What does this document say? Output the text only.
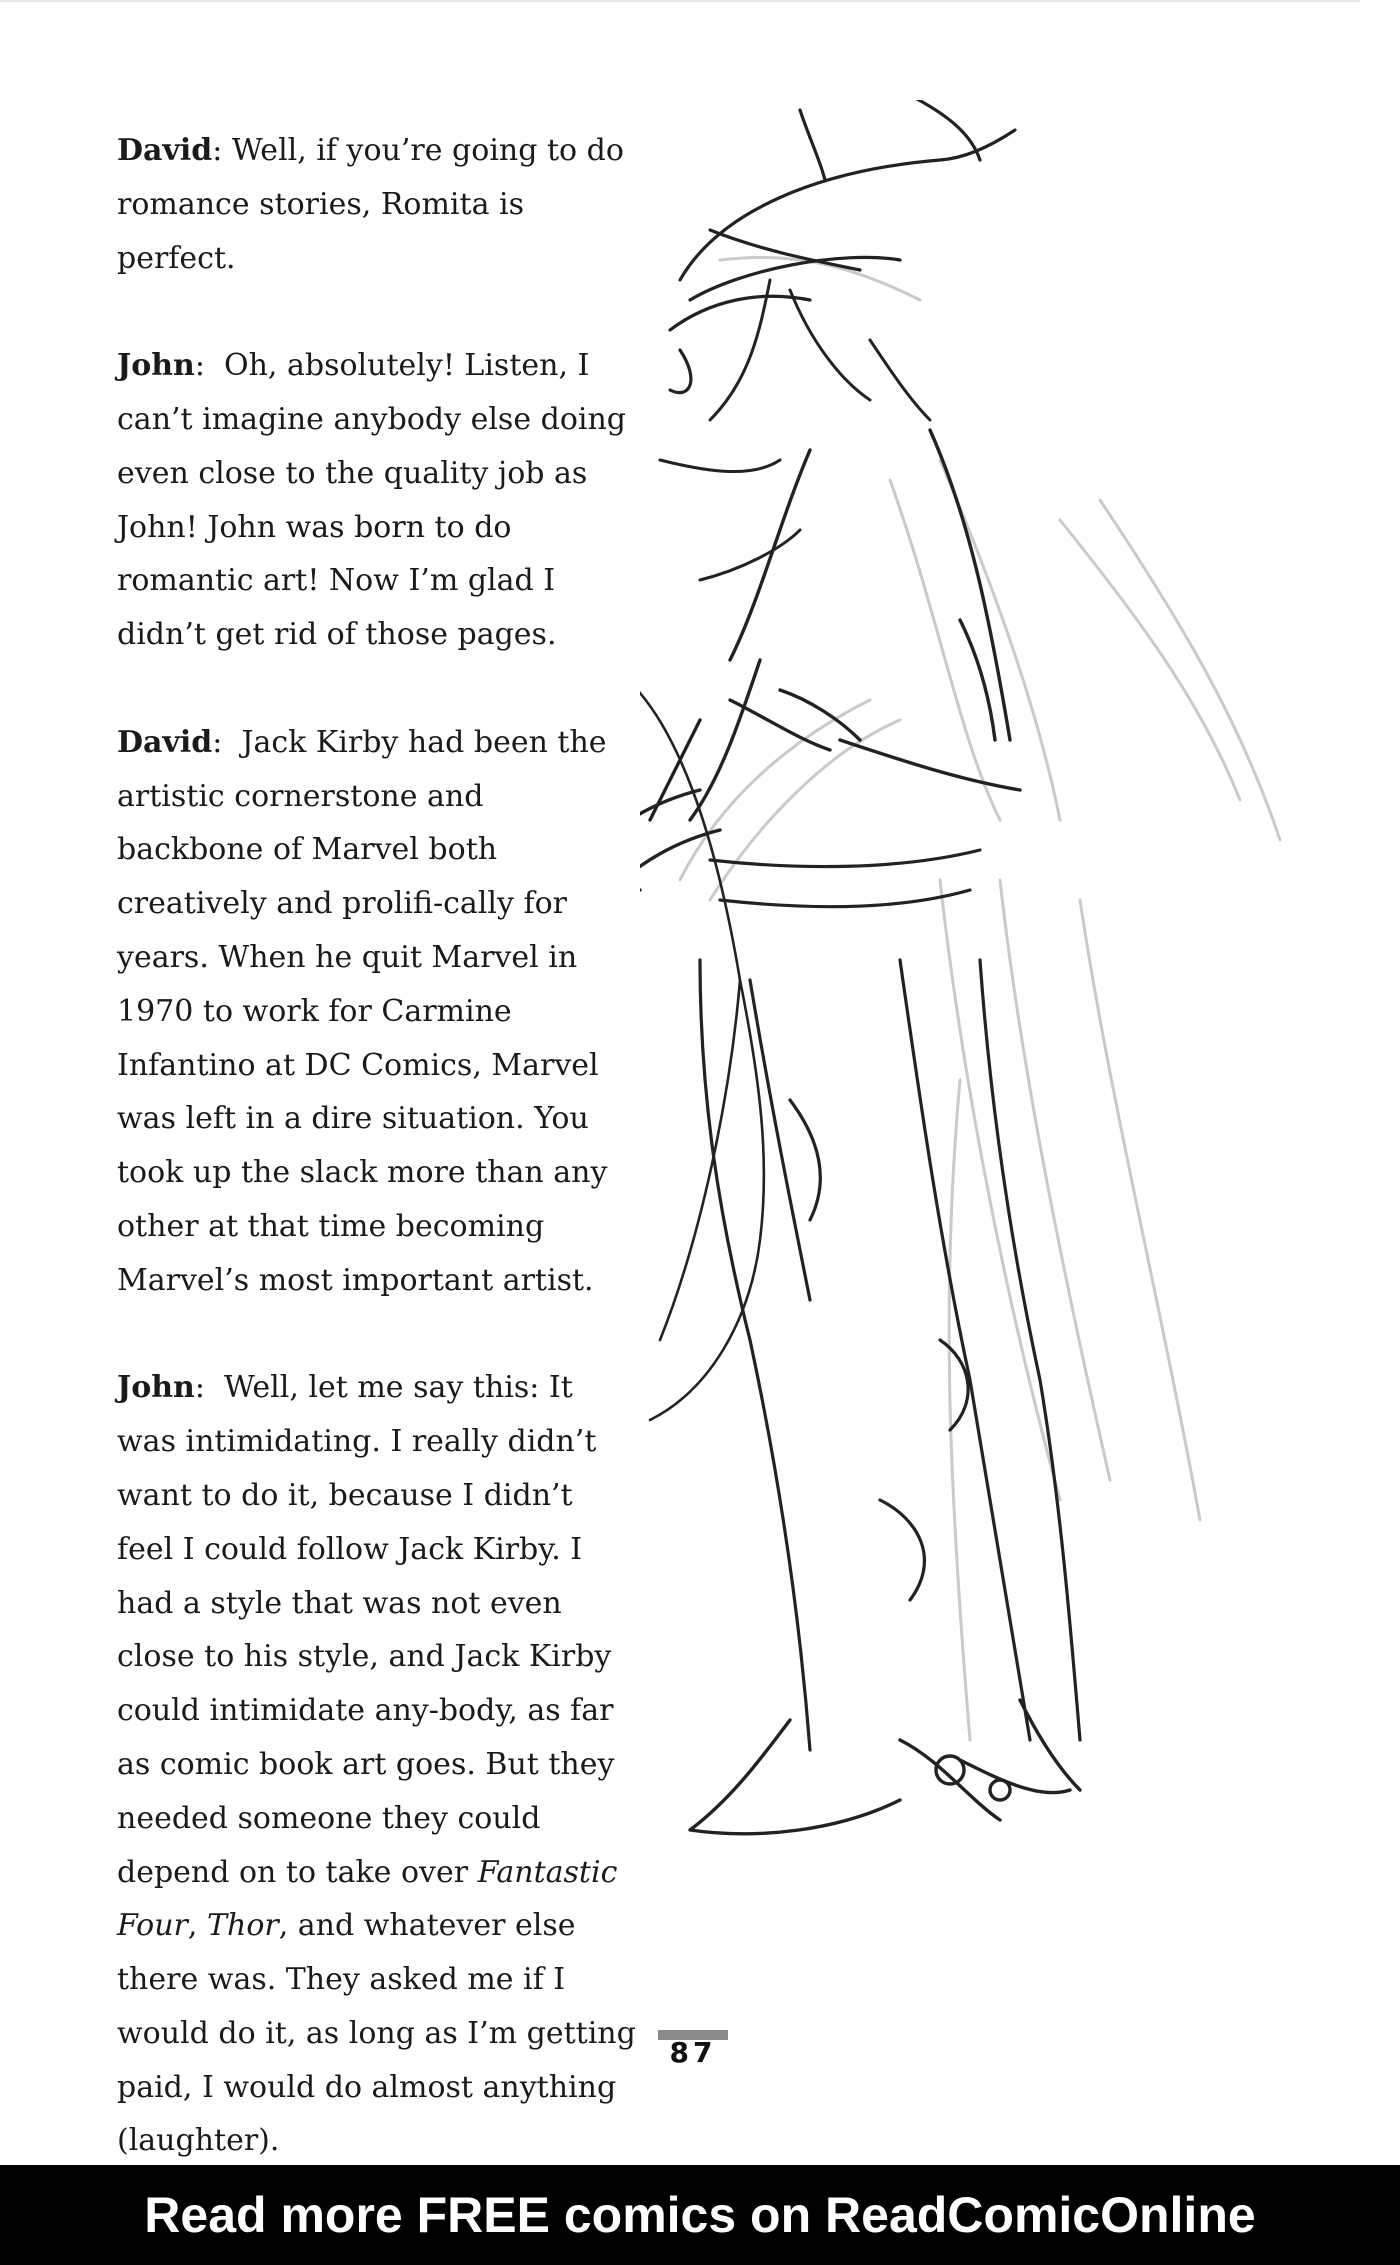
David: Well, if you’re going to do romance stories, Romita is perfect.

John:  Oh, absolutely! Listen, I can’t imagine anybody else doing even close to the quality job as John! John was born to do romantic art! Now I’m glad I didn’t get rid of those pages.

David:  Jack Kirby had been the artistic cornerstone and backbone of Marvel both creatively and prolifi-cally for years. When he quit Marvel in 1970 to work for Carmine Infantino at DC Comics, Marvel was left in a dire situation. You took up the slack more than any other at that time becoming Marvel’s most important artist.

John:  Well, let me say this: It was intimidating. I really didn’t want to do it, because I didn’t feel I could follow Jack Kirby. I had a style that was not even close to his style, and Jack Kirby could intimidate any-body, as far as comic book art goes. But they needed someone they could depend on to take over Fantastic Four, Thor, and whatever else there was. They asked me if I would do it, as long as I’m getting paid, I would do almost anything (laughter).

87
Read more FREE comics on ReadComicOnline
